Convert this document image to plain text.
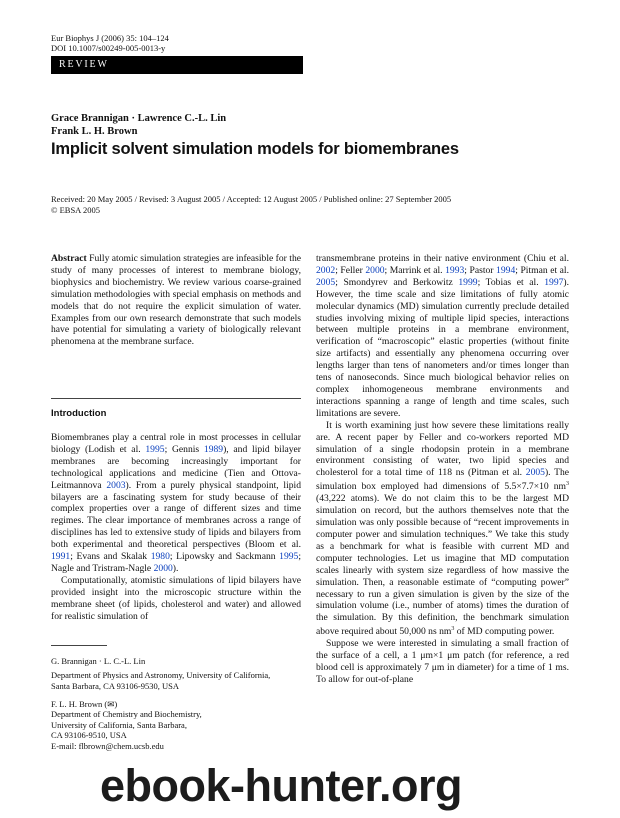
Eur Biophys J (2006) 35: 104–124
DOI 10.1007/s00249-005-0013-y
REVIEW
Grace Brannigan · Lawrence C.-L. Lin
Frank L. H. Brown
Implicit solvent simulation models for biomembranes
Received: 20 May 2005 / Revised: 3 August 2005 / Accepted: 12 August 2005 / Published online: 27 September 2005
© EBSA 2005

Abstract Fully atomic simulation strategies are infeasible for the study of many processes of interest to membrane biology, biophysics and biochemistry. We review various coarse-grained simulation methodologies with special emphasis on methods and models that do not require the explicit simulation of water. Examples from our own research demonstrate that such models have potential for simulating a variety of biologically relevant phenomena at the membrane surface.

Introduction

Biomembranes play a central role in most processes in cellular biology (Lodish et al. 1995; Gennis 1989), and lipid bilayer membranes are becoming increasingly important for technological applications and medicine (Tien and Ottova-Leitmannova 2003). From a purely physical standpoint, lipid bilayers are a fascinating system for study because of their complex properties over a range of different sizes and time regimes. The clear importance of membranes across a range of disciplines has led to extensive study of lipids and bilayers from both experimental and theoretical perspectives (Bloom et al. 1991; Evans and Skalak 1980; Lipowsky and Sackmann 1995; Nagle and Tristram-Nagle 2000).

Computationally, atomistic simulations of lipid bilayers have provided insight into the microscopic structure within the membrane sheet (of lipids, cholesterol and water) and allowed for realistic simulation of

G. Brannigan · L. C.-L. Lin
Department of Physics and Astronomy, University of California,
Santa Barbara, CA 93106-9530, USA
F. L. H. Brown (✉)
Department of Chemistry and Biochemistry,
University of California, Santa Barbara,
CA 93106-9510, USA
E-mail: flbrown@chem.ucsb.edu

transmembrane proteins in their native environment (Chiu et al. 2002; Feller 2000; Marrink et al. 1993; Pastor 1994; Pitman et al. 2005; Smondyrev and Berkowitz 1999; Tobias et al. 1997). However, the time scale and size limitations of fully atomic molecular dynamics (MD) simulation currently preclude detailed studies involving mixing of multiple lipid species, interactions between multiple proteins in a membrane environment, verification of “macroscopic” elastic properties (without finite size artifacts) and essentially any phenomena occurring over lengths larger than tens of nanometers and/or times longer than tens of nanoseconds. Since much biological behavior relies on complex inhomogeneous membrane environments and interactions spanning a range of length and time scales, such limitations are severe.

It is worth examining just how severe these limitations really are. A recent paper by Feller and co-workers reported MD simulation of a single rhodopsin protein in a membrane environment consisting of water, two lipid species and cholesterol for a total time of 118 ns (Pitman et al. 2005). The simulation box employed had dimensions of 5.5×7.7×10 $nm^3$ (43,222 atoms). We do not claim this to be the largest MD simulation on record, but the authors themselves note that the simulation was only possible because of “recent improvements in computer power and simulation techniques.” We take this study as a benchmark for what is feasible with current MD and computer technologies. Let us imagine that MD computation scales linearly with system size regardless of how massive the simulation. Then, a reasonable estimate of “computing power” necessary to run a given simulation is given by the size of the simulation volume (i.e., number of atoms) times the duration of the simulation. By this definition, the benchmark simulation above required about 50,000 ns $nm^3$ of MD computing power.

Suppose we were interested in simulating a small fraction of the surface of a cell, a 1 μm×1 μm patch (for reference, a red blood cell is approximately 7 μm in diameter) for a time of 1 ms. To allow for out-of-plane

ebook-hunter.org
